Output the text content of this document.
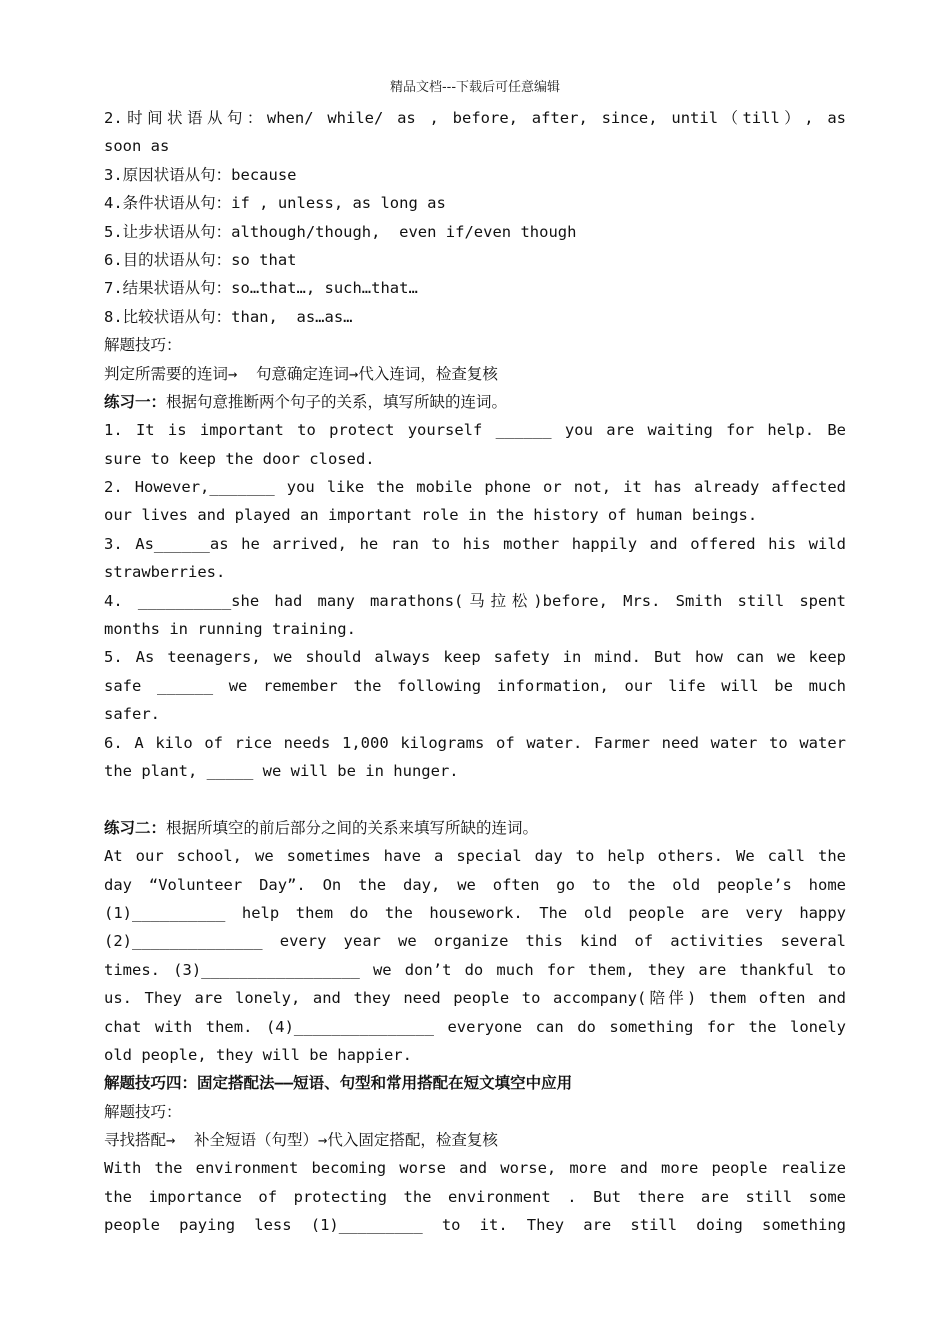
精品文档---下载后可任意编辑
2.时间状语从句：when/ while/ as , before, after, since, until（till）, as
soon as
3.原因状语从句：because
4.条件状语从句：if , unless, as long as
5.让步状语从句：although/though,  even if/even though
6.目的状语从句：so that
7.结果状语从句：so…that…, such…that…
8.比较状语从句：than,  as…as…
解题技巧：
判定所需要的连词→  句意确定连词→代入连词，检查复核
练习一：根据句意推断两个句子的关系，填写所缺的连词。
1. It is important to protect yourself ______ you are waiting for help. Be
sure to keep the door closed.
2. However,_______ you like the mobile phone or not, it has already affected
our lives and played an important role in the history of human beings.
3. As______as he arrived, he ran to his mother happily and offered his wild
strawberries.
4. __________she had many marathons(马拉松)before, Mrs. Smith still spent
months in running training.
5. As teenagers, we should always keep safety in mind. But how can we keep
safe ______ we remember the following information, our life will be much
safer.
6. A kilo of rice needs 1,000 kilograms of water. Farmer need water to water
the plant, _____ we will be in hunger.
练习二：根据所填空的前后部分之间的关系来填写所缺的连词。
At our school, we sometimes have a special day to help others. We call the
day “Volunteer Day”. On the day, we often go to the old people’s home
(1)__________ help them do the housework. The old people are very happy
(2)______________ every year we organize this kind of activities several
times. (3)_________________ we don’t do much for them, they are thankful to
us. They are lonely, and they need people to accompany(陪伴) them often and
chat with them. (4)_______________ everyone can do something for the lonely
old people, they will be happier.
解题技巧四：固定搭配法——短语、句型和常用搭配在短文填空中应用
解题技巧：
寻找搭配→  补全短语（句型）→代入固定搭配，检查复核
With the environment becoming worse and worse, more and more people realize
the importance of protecting the environment . But there are still some
people paying less (1)_________ to it. They are still doing something
